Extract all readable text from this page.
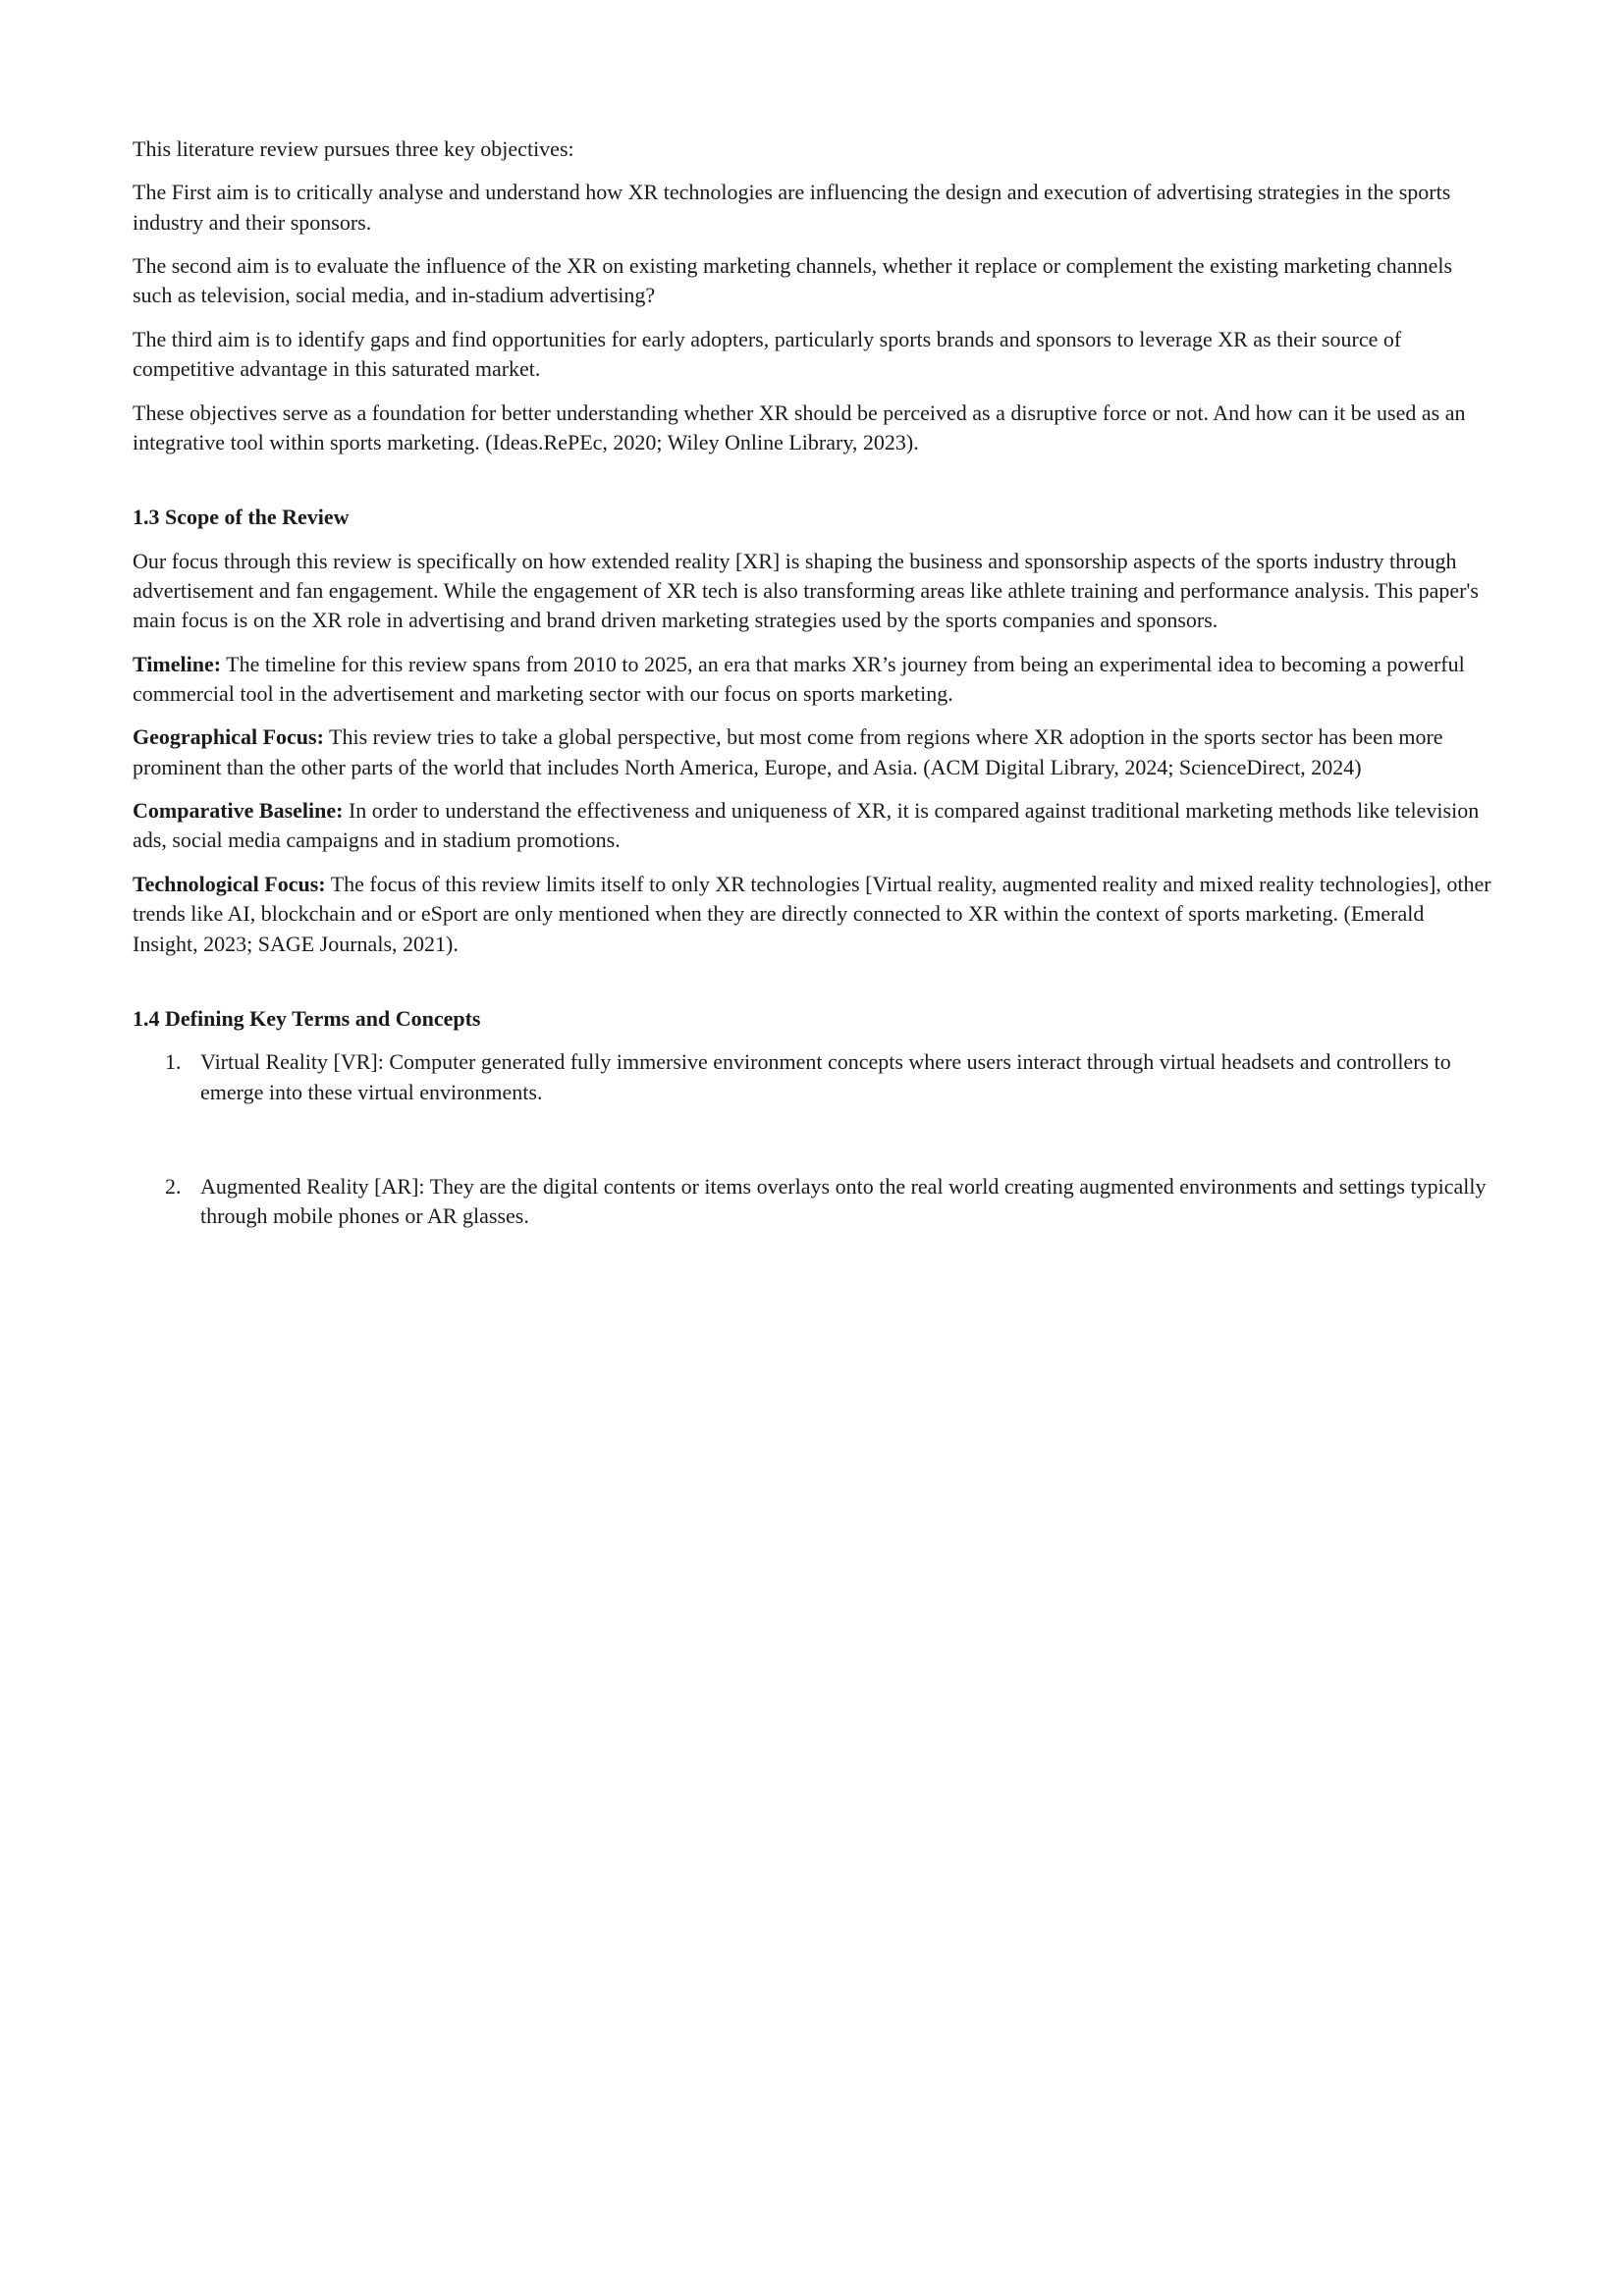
This literature review pursues three key objectives:

The First aim is to critically analyse and understand how XR technologies are influencing the design and execution of advertising strategies in the sports industry and their sponsors.

The second aim is to evaluate the influence of the XR on existing marketing channels, whether it replace or complement the existing marketing channels such as television, social media, and in-stadium advertising?

The third aim is to identify gaps and find opportunities for early adopters, particularly sports brands and sponsors to leverage XR as their source of competitive advantage in this saturated market.

These objectives serve as a foundation for better understanding whether XR should be perceived as a disruptive force or not. And how can it be used as an integrative tool within sports marketing. (Ideas.RePEc, 2020; Wiley Online Library, 2023).

1.3 Scope of the Review

Our focus through this review is specifically on how extended reality [XR] is shaping the business and sponsorship aspects of the sports industry through advertisement and fan engagement. While the engagement of XR tech is also transforming areas like athlete training and performance analysis. This paper's main focus is on the XR role in advertising and brand driven marketing strategies used by the sports companies and sponsors.

Timeline: The timeline for this review spans from 2010 to 2025, an era that marks XR’s journey from being an experimental idea to becoming a powerful commercial tool in the advertisement and marketing sector with our focus on sports marketing.

Geographical Focus: This review tries to take a global perspective, but most come from regions where XR adoption in the sports sector has been more prominent than the other parts of the world that includes North America, Europe, and Asia. (ACM Digital Library, 2024; ScienceDirect, 2024)

Comparative Baseline: In order to understand the effectiveness and uniqueness of XR, it is compared against traditional marketing methods like television ads, social media campaigns and in stadium promotions.

Technological Focus: The focus of this review limits itself to only XR technologies [Virtual reality, augmented reality and mixed reality technologies], other trends like AI, blockchain and or eSport are only mentioned when they are directly connected to XR within the context of sports marketing. (Emerald Insight, 2023; SAGE Journals, 2021).

1.4 Defining Key Terms and Concepts
1. Virtual Reality [VR]: Computer generated fully immersive environment concepts where users interact through virtual headsets and controllers to emerge into these virtual environments.
2. Augmented Reality [AR]: They are the digital contents or items overlays onto the real world creating augmented environments and settings typically through mobile phones or AR glasses.
